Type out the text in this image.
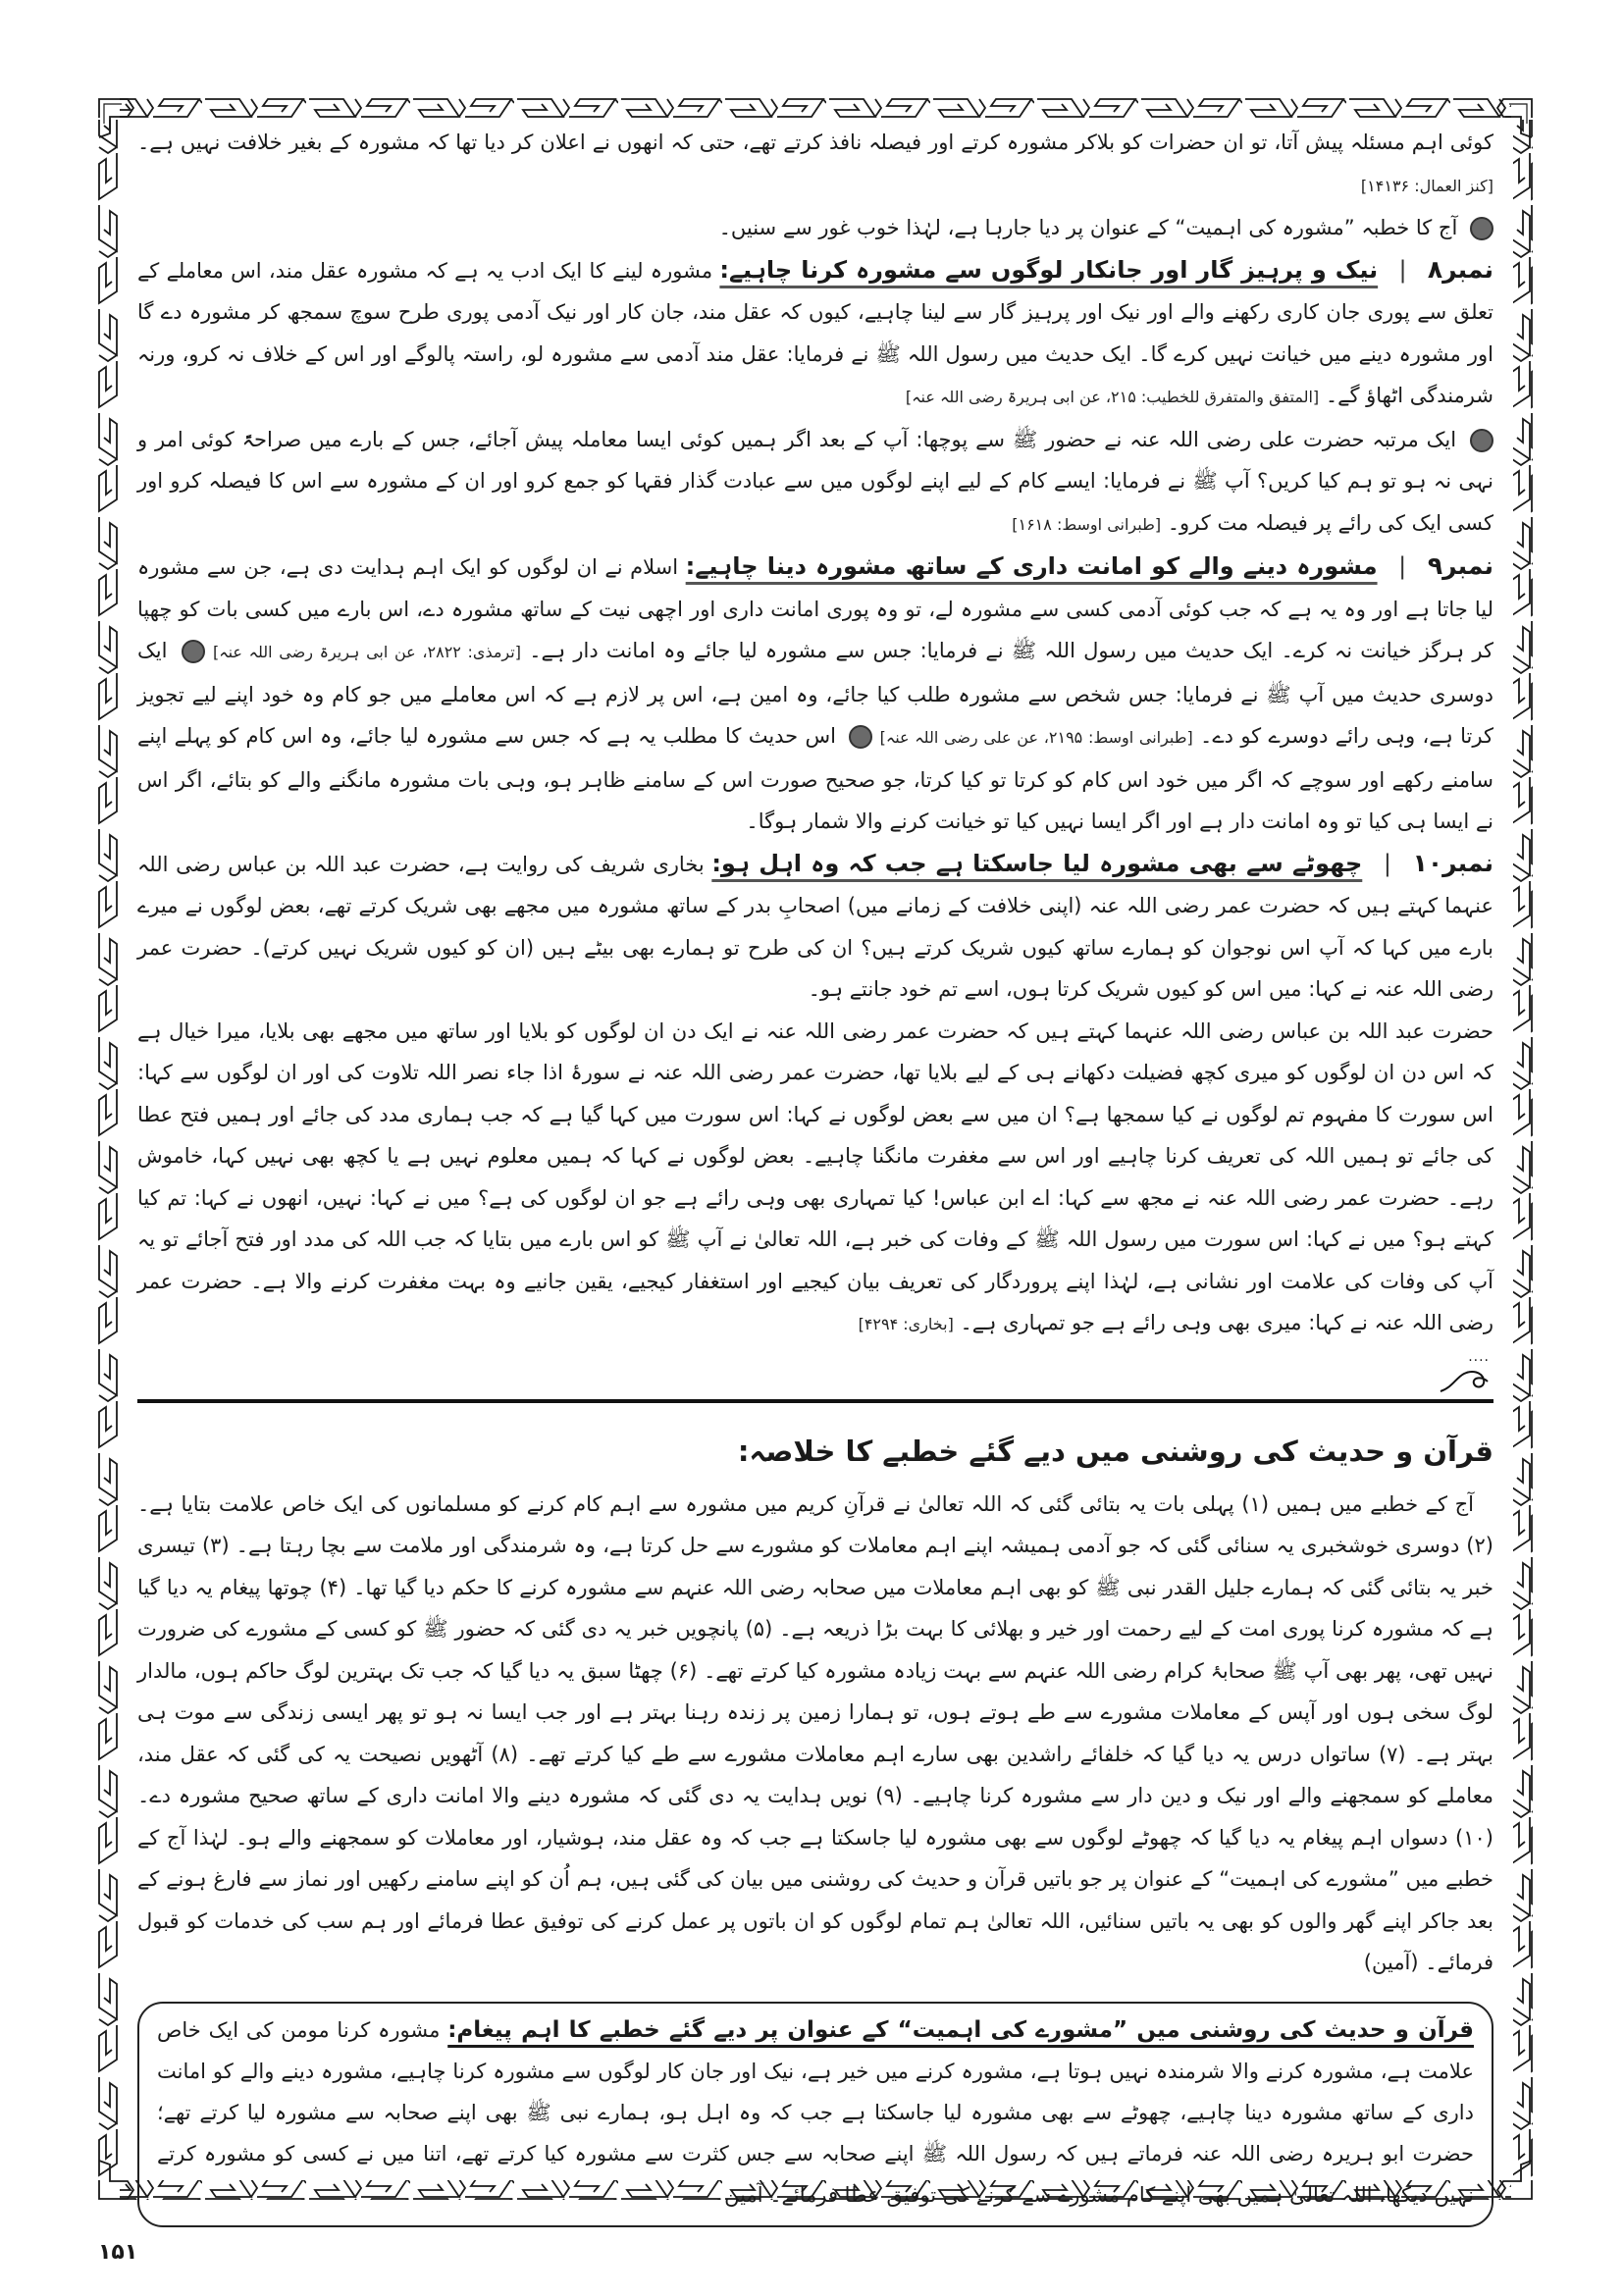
کوئی اہم مسئلہ پیش آتا، تو ان حضرات کو بلاکر مشورہ کرتے اور فیصلہ نافذ کرتے تھے، حتی کہ انھوں نے اعلان کر دیا تھا کہ مشورہ کے بغیر خلافت نہیں ہے۔ [کنز العمال: ۱۴۱۳۶]

آج کا خطبہ ”مشورہ کی اہمیت“ کے عنوان پر دیا جارہا ہے، لہٰذا خوب غور سے سنیں۔

نمبر۸ | نیک و پرہیز گار اور جانکار لوگوں سے مشورہ کرنا چاہیے: مشورہ لینے کا ایک ادب یہ ہے کہ مشورہ عقل مند، اس معاملے کے تعلق سے پوری جان کاری رکھنے والے اور نیک اور پرہیز گار سے لینا چاہیے، کیوں کہ عقل مند، جان کار اور نیک آدمی پوری طرح سوچ سمجھ کر مشورہ دے گا اور مشورہ دینے میں خیانت نہیں کرے گا۔ ایک حدیث میں رسول اللہ ﷺ نے فرمایا: عقل مند آدمی سے مشورہ لو، راستہ پالوگے اور اس کے خلاف نہ کرو، ورنہ شرمندگی اٹھاؤ گے۔ [المتفق والمتفرق للخطیب: ۲۱۵، عن ابی ہریرۃ رضی اللہ عنہ]

ایک مرتبہ حضرت علی رضی اللہ عنہ نے حضور ﷺ سے پوچھا: آپ کے بعد اگر ہمیں کوئی ایسا معاملہ پیش آجائے، جس کے بارے میں صراحۃً کوئی امر و نہی نہ ہو تو ہم کیا کریں؟ آپ ﷺ نے فرمایا: ایسے کام کے لیے اپنے لوگوں میں سے عبادت گذار فقہا کو جمع کرو اور ان کے مشورہ سے اس کا فیصلہ کرو اور کسی ایک کی رائے پر فیصلہ مت کرو۔ [طبرانی اوسط: ۱۶۱۸]

نمبر۹ | مشورہ دینے والے کو امانت داری کے ساتھ مشورہ دینا چاہیے: اسلام نے ان لوگوں کو ایک اہم ہدایت دی ہے، جن سے مشورہ لیا جاتا ہے اور وہ یہ ہے کہ جب کوئی آدمی کسی سے مشورہ لے، تو وہ پوری امانت داری اور اچھی نیت کے ساتھ مشورہ دے، اس بارے میں کسی بات کو چھپا کر ہرگز خیانت نہ کرے۔ ایک حدیث میں رسول اللہ ﷺ نے فرمایا: جس سے مشورہ لیا جائے وہ امانت دار ہے۔ [ترمذی: ۲۸۲۲، عن ابی ہریرۃ رضی اللہ عنہ]  ایک دوسری حدیث میں آپ ﷺ نے فرمایا: جس شخص سے مشورہ طلب کیا جائے، وہ امین ہے، اس پر لازم ہے کہ اس معاملے میں جو کام وہ خود اپنے لیے تجویز کرتا ہے، وہی رائے دوسرے کو دے۔ [طبرانی اوسط: ۲۱۹۵، عن علی رضی اللہ عنہ]  اس حدیث کا مطلب یہ ہے کہ جس سے مشورہ لیا جائے، وہ اس کام کو پہلے اپنے سامنے رکھے اور سوچے کہ اگر میں خود اس کام کو کرتا تو کیا کرتا، جو صحیح صورت اس کے سامنے ظاہر ہو، وہی بات مشورہ مانگنے والے کو بتائے، اگر اس نے ایسا ہی کیا تو وہ امانت دار ہے اور اگر ایسا نہیں کیا تو خیانت کرنے والا شمار ہوگا۔

نمبر۱۰ | چھوٹے سے بھی مشورہ لیا جاسکتا ہے جب کہ وہ اہل ہو: بخاری شریف کی روایت ہے، حضرت عبد اللہ بن عباس رضی اللہ عنہما کہتے ہیں کہ حضرت عمر رضی اللہ عنہ (اپنی خلافت کے زمانے میں) اصحابِ بدر کے ساتھ مشورہ میں مجھے بھی شریک کرتے تھے، بعض لوگوں نے میرے بارے میں کہا کہ آپ اس نوجوان کو ہمارے ساتھ کیوں شریک کرتے ہیں؟ ان کی طرح تو ہمارے بھی بیٹے ہیں (ان کو کیوں شریک نہیں کرتے)۔ حضرت عمر رضی اللہ عنہ نے کہا: میں اس کو کیوں شریک کرتا ہوں، اسے تم خود جانتے ہو۔

حضرت عبد اللہ بن عباس رضی اللہ عنہما کہتے ہیں کہ حضرت عمر رضی اللہ عنہ نے ایک دن ان لوگوں کو بلایا اور ساتھ میں مجھے بھی بلایا، میرا خیال ہے کہ اس دن ان لوگوں کو میری کچھ فضیلت دکھانے ہی کے لیے بلایا تھا، حضرت عمر رضی اللہ عنہ نے سورۂ اذا جاء نصر اللہ تلاوت کی اور ان لوگوں سے کہا: اس سورت کا مفہوم تم لوگوں نے کیا سمجھا ہے؟ ان میں سے بعض لوگوں نے کہا: اس سورت میں کہا گیا ہے کہ جب ہماری مدد کی جائے اور ہمیں فتح عطا کی جائے تو ہمیں اللہ کی تعریف کرنا چاہیے اور اس سے مغفرت مانگنا چاہیے۔ بعض لوگوں نے کہا کہ ہمیں معلوم نہیں ہے یا کچھ بھی نہیں کہا، خاموش رہے۔ حضرت عمر رضی اللہ عنہ نے مجھ سے کہا: اے ابن عباس! کیا تمہاری بھی وہی رائے ہے جو ان لوگوں کی ہے؟ میں نے کہا: نہیں، انھوں نے کہا: تم کیا کہتے ہو؟ میں نے کہا: اس سورت میں رسول اللہ ﷺ کے وفات کی خبر ہے، اللہ تعالیٰ نے آپ ﷺ کو اس بارے میں بتایا کہ جب اللہ کی مدد اور فتح آجائے تو یہ آپ کی وفات کی علامت اور نشانی ہے، لہٰذا اپنے پروردگار کی تعریف بیان کیجیے اور استغفار کیجیے، یقین جانیے وہ بہت مغفرت کرنے والا ہے۔ حضرت عمر رضی اللہ عنہ نے کہا: میری بھی وہی رائے ہے جو تمہاری ہے۔ [بخاری: ۴۲۹۴]

....
قرآن و حدیث کی روشنی میں دیے گئے خطبے کا خلاصہ:

آج کے خطبے میں ہمیں (۱) پہلی بات یہ بتائی گئی کہ اللہ تعالیٰ نے قرآنِ کریم میں مشورہ سے اہم کام کرنے کو مسلمانوں کی ایک خاص علامت بتایا ہے۔ (۲) دوسری خوشخبری یہ سنائی گئی کہ جو آدمی ہمیشہ اپنے اہم معاملات کو مشورے سے حل کرتا ہے، وہ شرمندگی اور ملامت سے بچا رہتا ہے۔ (۳) تیسری خبر یہ بتائی گئی کہ ہمارے جلیل القدر نبی ﷺ کو بھی اہم معاملات میں صحابہ رضی اللہ عنہم سے مشورہ کرنے کا حکم دیا گیا تھا۔ (۴) چوتھا پیغام یہ دیا گیا ہے کہ مشورہ کرنا پوری امت کے لیے رحمت اور خیر و بھلائی کا بہت بڑا ذریعہ ہے۔ (۵) پانچویں خبر یہ دی گئی کہ حضور ﷺ کو کسی کے مشورے کی ضرورت نہیں تھی، پھر بھی آپ ﷺ صحابۂ کرام رضی اللہ عنہم سے بہت زیادہ مشورہ کیا کرتے تھے۔ (۶) چھٹا سبق یہ دیا گیا کہ جب تک بہترین لوگ حاکم ہوں، مالدار لوگ سخی ہوں اور آپس کے معاملات مشورے سے طے ہوتے ہوں، تو ہمارا زمین پر زندہ رہنا بہتر ہے اور جب ایسا نہ ہو تو پھر ایسی زندگی سے موت ہی بہتر ہے۔ (۷) ساتواں درس یہ دیا گیا کہ خلفائے راشدین بھی سارے اہم معاملات مشورے سے طے کیا کرتے تھے۔ (۸) آٹھویں نصیحت یہ کی گئی کہ عقل مند، معاملے کو سمجھنے والے اور نیک و دین دار سے مشورہ کرنا چاہیے۔ (۹) نویں ہدایت یہ دی گئی کہ مشورہ دینے والا امانت داری کے ساتھ صحیح مشورہ دے۔ (۱۰) دسواں اہم پیغام یہ دیا گیا کہ چھوٹے لوگوں سے بھی مشورہ لیا جاسکتا ہے جب کہ وہ عقل مند، ہوشیار، اور معاملات کو سمجھنے والے ہو۔ لہٰذا آج کے خطبے میں ”مشورے کی اہمیت“ کے عنوان پر جو باتیں قرآن و حدیث کی روشنی میں بیان کی گئی ہیں، ہم اُن کو اپنے سامنے رکھیں اور نماز سے فارغ ہونے کے بعد جاکر اپنے گھر والوں کو بھی یہ باتیں سنائیں، اللہ تعالیٰ ہم تمام لوگوں کو ان باتوں پر عمل کرنے کی توفیق عطا فرمائے اور ہم سب کی خدمات کو قبول فرمائے۔ (آمین)

قرآن و حدیث کی روشنی میں ”مشورے کی اہمیت“ کے عنوان پر دیے گئے خطبے کا اہم پیغام: مشورہ کرنا مومن کی ایک خاص علامت ہے، مشورہ کرنے والا شرمندہ نہیں ہوتا ہے، مشورہ کرنے میں خیر ہے، نیک اور جان کار لوگوں سے مشورہ کرنا چاہیے، مشورہ دینے والے کو امانت داری کے ساتھ مشورہ دینا چاہیے، چھوٹے سے بھی مشورہ لیا جاسکتا ہے جب کہ وہ اہل ہو، ہمارے نبی ﷺ بھی اپنے صحابہ سے مشورہ لیا کرتے تھے؛ حضرت ابو ہریرہ رضی اللہ عنہ فرماتے ہیں کہ رسول اللہ ﷺ اپنے صحابہ سے جس کثرت سے مشورہ کیا کرتے تھے، اتنا میں نے کسی کو مشورہ کرتے نہیں دیکھا، اللہ تعالیٰ ہمیں بھی اپنے کام مشورے سے کرنے کی توفیق عطا فرمائے۔ آمین
۱۵۱
